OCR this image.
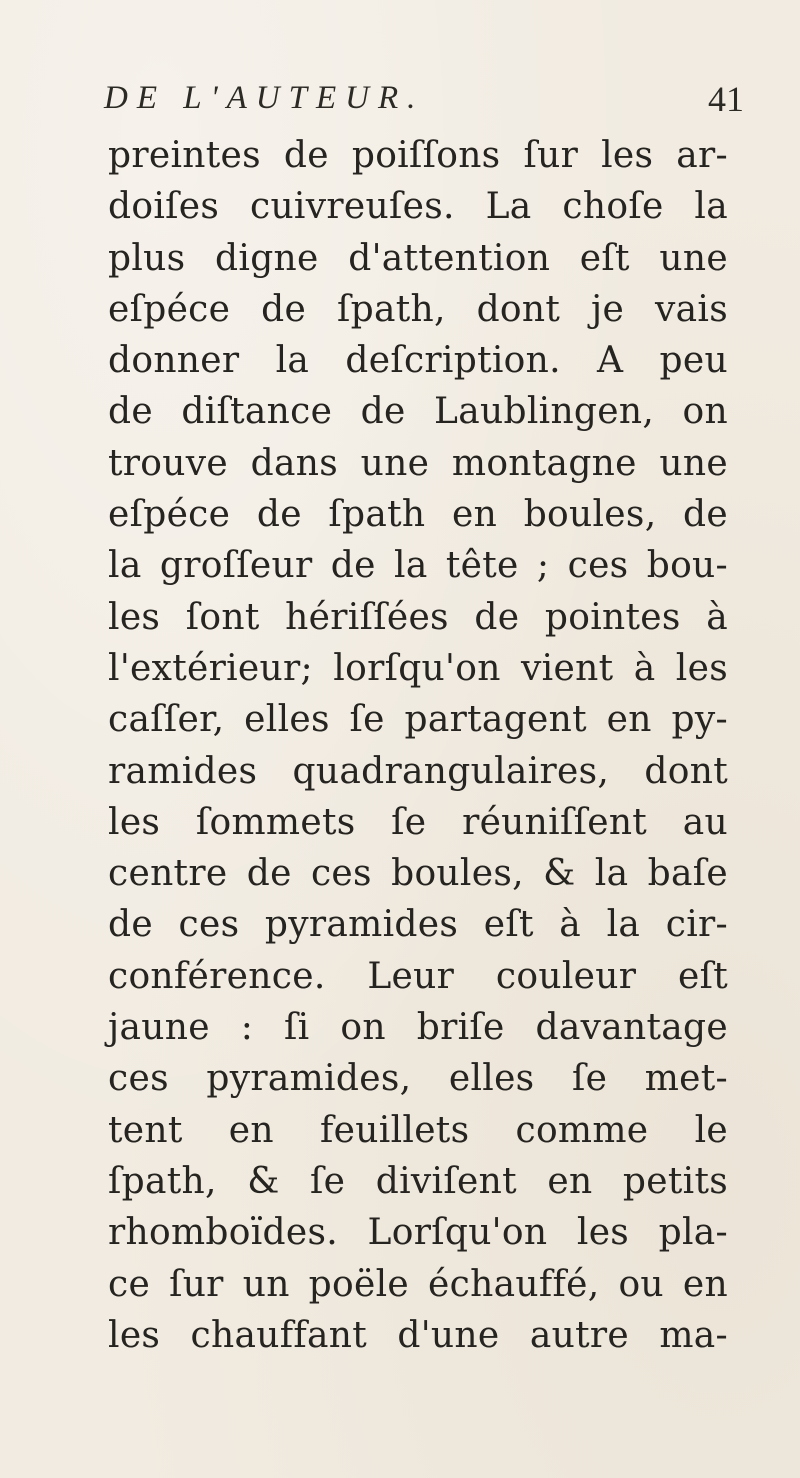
DE L'AUTEUR.	41
preintes de poiſſons ſur les ar-
doiſes cuivreuſes. La choſe la
plus digne d'attention eſt une
eſpéce de ſpath, dont je vais
donner la deſcription. A peu
de diſtance de Laublingen, on
trouve dans une montagne une
eſpéce de ſpath en boules, de
la groſſeur de la tête ; ces bou-
les ſont hériſſées de pointes à
l'extérieur; lorſqu'on vient à les
caſſer, elles ſe partagent en py-
ramides quadrangulaires, dont
les ſommets ſe réuniſſent au
centre de ces boules, & la baſe
de ces pyramides eſt à la cir-
conférence. Leur couleur eſt
jaune : ſi on briſe davantage
ces pyramides, elles ſe met-
tent en feuillets comme le
ſpath, & ſe diviſent en petits
rhomboïdes. Lorſqu'on les pla-
ce ſur un poële échauffé, ou en
les chauffant d'une autre ma-
